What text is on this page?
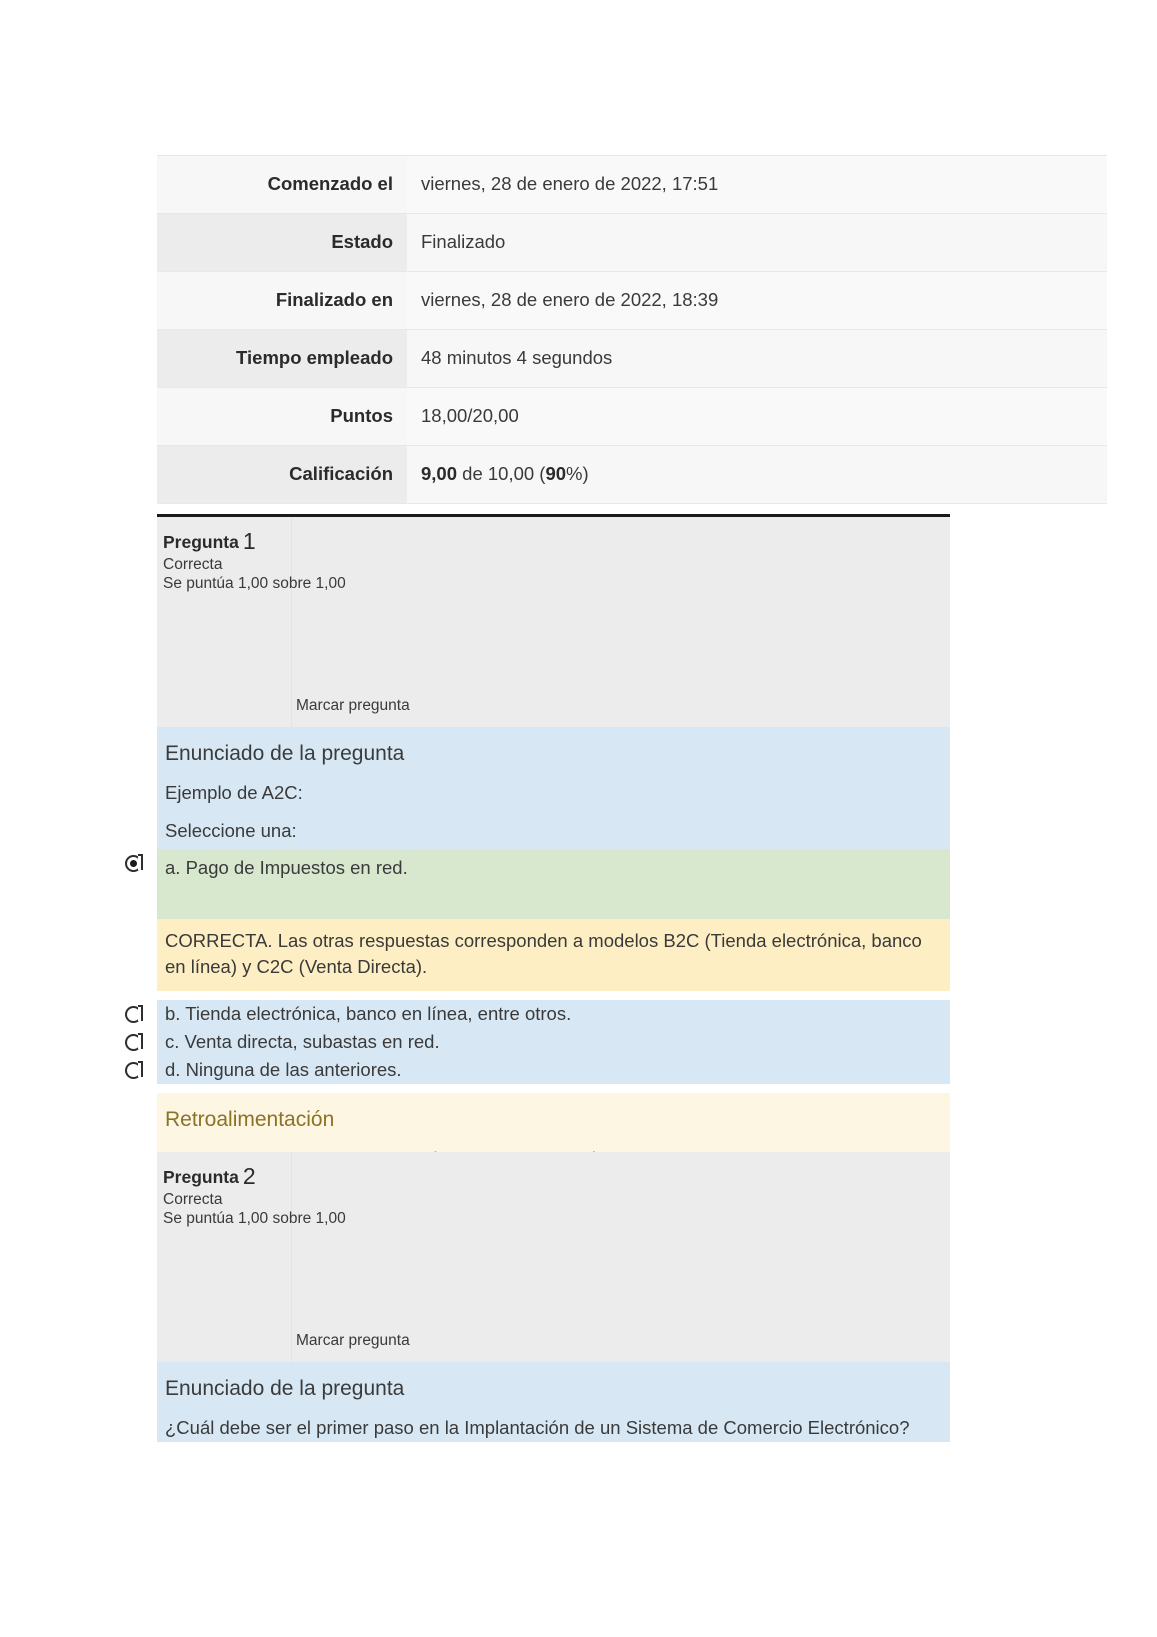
Comenzado el	viernes, 28 de enero de 2022, 17:51
Estado	Finalizado
Finalizado en	viernes, 28 de enero de 2022, 18:39
Tiempo empleado	48 minutos 4 segundos
Puntos	18,00/20,00
Calificación	9,00 de 10,00 (90%)
Pregunta 1
Correcta
Se puntúa 1,00 sobre 1,00
Marcar pregunta
Enunciado de la pregunta
Ejemplo de A2C:
Seleccione una:
a. Pago de Impuestos en red.
CORRECTA. Las otras respuestas corresponden a modelos B2C (Tienda electrónica, banco en línea) y C2C (Venta Directa).
b. Tienda electrónica, banco en línea, entre otros.
c. Venta directa, subastas en red.
d. Ninguna de las anteriores.
Retroalimentación
Pregunta 2
Correcta
Se puntúa 1,00 sobre 1,00
Marcar pregunta
Enunciado de la pregunta
¿Cuál debe ser el primer paso en la Implantación de un Sistema de Comercio Electrónico?
